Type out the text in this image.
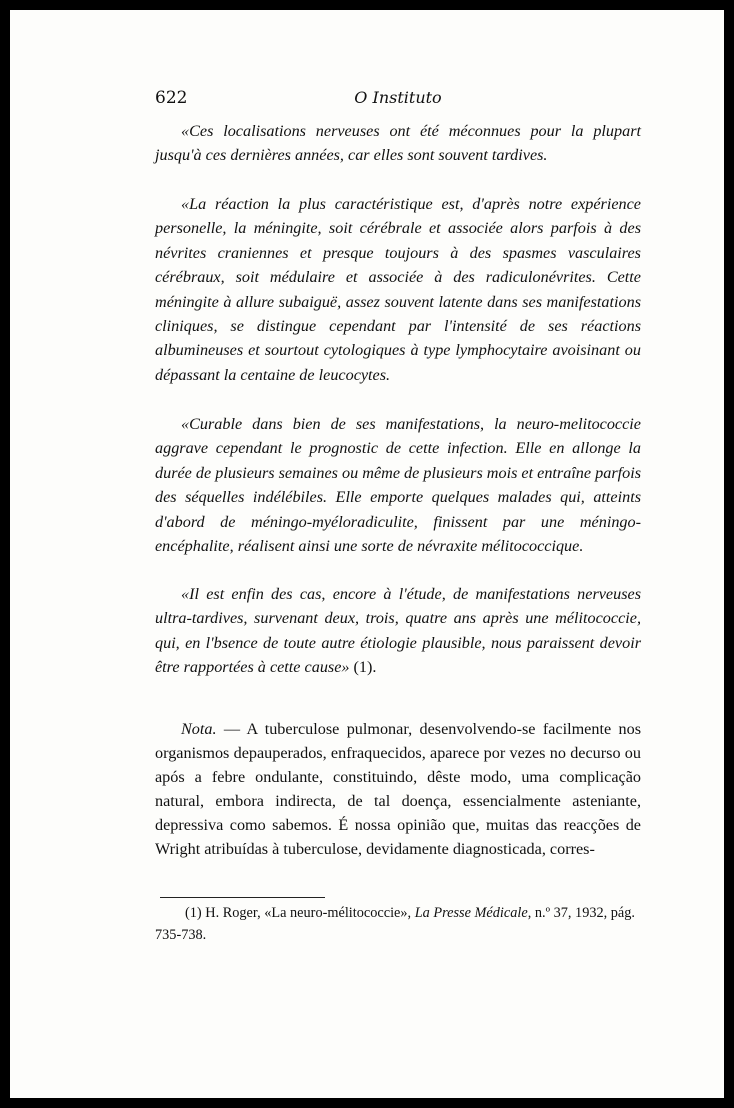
622	O Instituto

«Ces localisations nerveuses ont été méconnues pour la plupart jusqu'à ces dernières années, car elles sont souvent tardives.

«La réaction la plus caractéristique est, d'après notre expérience personelle, la méningite, soit cérébrale et associée alors parfois à des névrites craniennes et presque toujours à des spasmes vasculaires cérébraux, soit médulaire et associée à des radiculonévrites. Cette méningite à allure subaiguë, assez souvent latente dans ses manifestations cliniques, se distingue cependant par l'intensité de ses réactions albumineuses et sourtout cytologiques à type lymphocytaire avoisinant ou dépassant la centaine de leucocytes.

«Curable dans bien de ses manifestations, la neuro-melitococcie aggrave cependant le prognostic de cette infection. Elle en allonge la durée de plusieurs semaines ou même de plusieurs mois et entraîne parfois des séquelles indélébiles. Elle emporte quelques malades qui, atteints d'abord de méningo-myéloradiculite, finissent par une méningo-encéphalite, réalisent ainsi une sorte de névraxite mélitococcique.

«Il est enfin des cas, encore à l'étude, de manifestations nerveuses ultra-tardives, survenant deux, trois, quatre ans après une mélitococcie, qui, en l'bsence de toute autre étiologie plausible, nous paraissent devoir être rapportées à cette cause» (1).

Nota. — A tuberculose pulmonar, desenvolvendo-se facilmente nos organismos depauperados, enfraquecidos, aparece por vezes no decurso ou após a febre ondulante, constituindo, dêste modo, uma complicação natural, embora indirecta, de tal doença, essencialmente asteniante, depressiva como sabemos. É nossa opinião que, muitas das reacções de Wright atribuídas à tuberculose, devidamente diagnosticada, corres-

(1) H. Roger, «La neuro-mélitococcie», La Presse Médicale, n.º 37, 1932, pág. 735-738.
